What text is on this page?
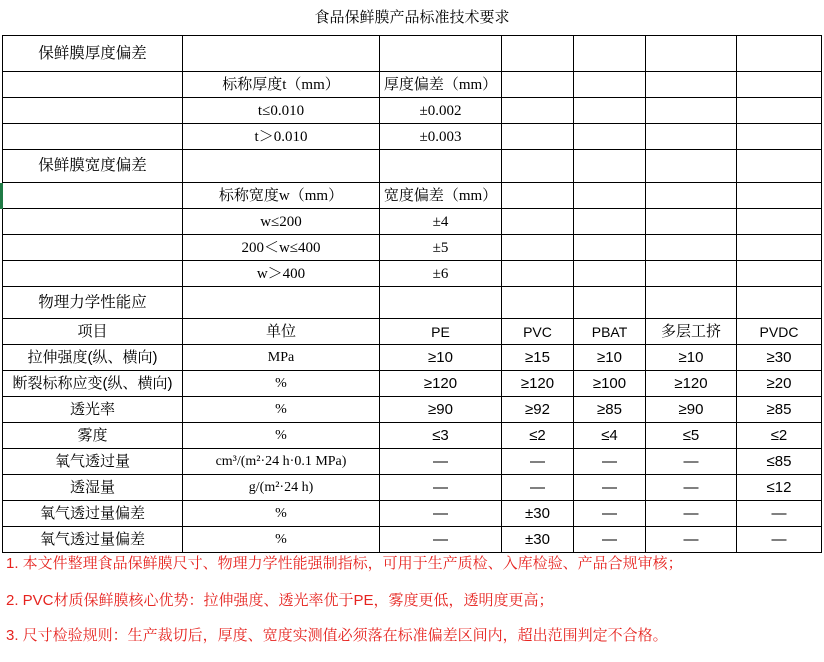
食品保鲜膜产品标准技术要求
保鲜膜厚度偏差
标称厚度t（mm）	厚度偏差（mm）
t≤0.010	±0.002
t＞0.010	±0.003
保鲜膜宽度偏差
标称宽度w（mm）	宽度偏差（mm）
w≤200	±4
200＜w≤400	±5
w＞400	±6
物理力学性能应
项目	单位	PE	PVC	PBAT	多层工挤	PVDC
拉伸强度(纵、横向)	MPa	≥10	≥15	≥10	≥10	≥30
断裂标称应变(纵、横向)	%	≥120	≥120	≥100	≥120	≥20
透光率	%	≥90	≥92	≥85	≥90	≥85
雾度	%	≤3	≤2	≤4	≤5	≤2
氧气透过量	cm³/(m²·24 h·0.1 MPa)	—	—	—	—	≤85
透湿量	g/(m²·24 h)	—	—	—	—	≤12
氧气透过量偏差	%	—	±30	—	—	—
氧气透过量偏差	%	—	±30	—	—	—
1. 本文件整理食品保鲜膜尺寸、物理力学性能强制指标，可用于生产质检、入库检验、产品合规审核；
2. PVC材质保鲜膜核心优势：拉伸强度、透光率优于PE，雾度更低，透明度更高；
3. 尺寸检验规则：生产裁切后，厚度、宽度实测值必须落在标准偏差区间内，超出范围判定不合格。
